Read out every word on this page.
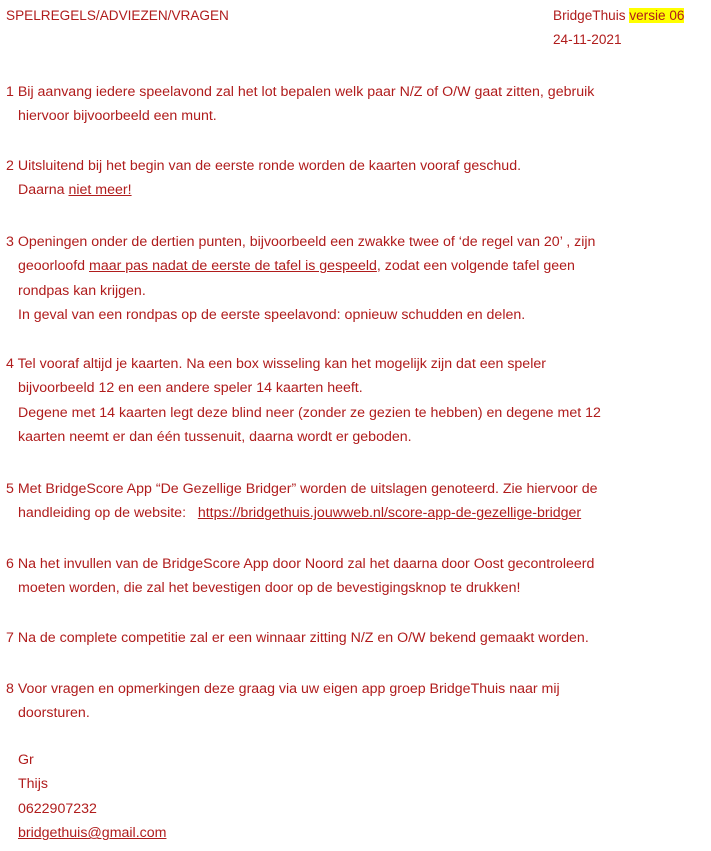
SPELREGELS/ADVIEZEN/VRAGEN	BridgeThuis versie 06
24-11-2021
1 Bij aanvang iedere speelavond zal het lot bepalen welk paar N/Z of O/W gaat zitten, gebruik
hiervoor bijvoorbeeld een munt.
2 Uitsluitend bij het begin van de eerste ronde worden de kaarten vooraf geschud.
Daarna niet meer!
3 Openingen onder de dertien punten, bijvoorbeeld een zwakke twee of ‘de regel van 20’ , zijn
geoorloofd maar pas nadat de eerste de tafel is gespeeld, zodat een volgende tafel geen
rondpas kan krijgen.
In geval van een rondpas op de eerste speelavond: opnieuw schudden en delen.
4 Tel vooraf altijd je kaarten. Na een box wisseling kan het mogelijk zijn dat een speler
bijvoorbeeld 12 en een andere speler 14 kaarten heeft.
Degene met 14 kaarten legt deze blind neer (zonder ze gezien te hebben) en degene met 12
kaarten neemt er dan één tussenuit, daarna wordt er geboden.
5 Met BridgeScore App “De Gezellige Bridger” worden de uitslagen genoteerd. Zie hiervoor de
handleiding op de website:   https://bridgethuis.jouwweb.nl/score-app-de-gezellige-bridger
6 Na het invullen van de BridgeScore App door Noord zal het daarna door Oost gecontroleerd
moeten worden, die zal het bevestigen door op de bevestigingsknop te drukken!
7 Na de complete competitie zal er een winnaar zitting N/Z en O/W bekend gemaakt worden.
8 Voor vragen en opmerkingen deze graag via uw eigen app groep BridgeThuis naar mij
doorsturen.
Gr
Thijs
0622907232
bridgethuis@gmail.com
